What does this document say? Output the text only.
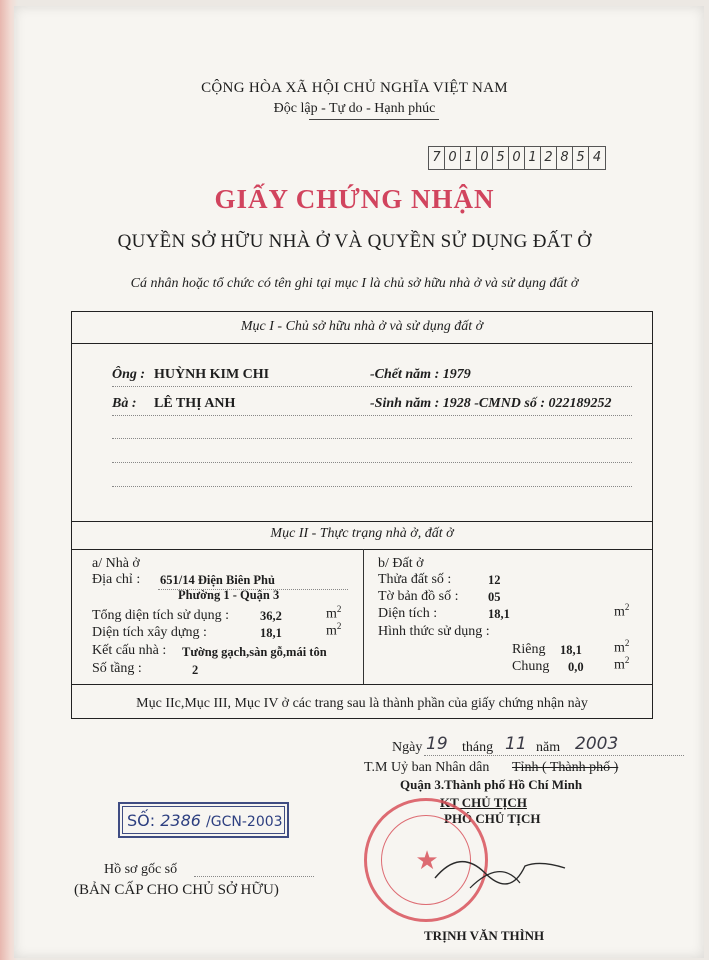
CỘNG HÒA XÃ HỘI CHỦ NGHĨA VIỆT NAM
Độc lập - Tự do - Hạnh phúc
7 0 1 0 5 0 1 2 8 5 4
GIẤY CHỨNG NHẬN
QUYỀN SỞ HỮU NHÀ Ở VÀ QUYỀN SỬ DỤNG ĐẤT Ở
Cá nhân hoặc tổ chức có tên ghi tại mục I là chủ sở hữu nhà ở và sử dụng đất ở
Mục I - Chủ sở hữu nhà ở và sử dụng đất ở
Ông : HUỲNH KIM CHI	-Chết năm : 1979
Bà : LÊ THỊ ANH	-Sinh năm : 1928 -CMND số : 022189252
Mục II - Thực trạng nhà ở, đất ở
a/ Nhà ở
Địa chỉ : 651/14 Điện Biên Phủ
Phường 1 - Quận 3
Tổng diện tích sử dụng : 36,2	$m^2$
Diện tích xây dựng :	18,1	$m^2$
Kết cấu nhà : Tường gạch,sàn gỗ,mái tôn
Số tầng :	2
b/ Đất ở
Thửa đất số :	12
Tờ bản đồ số : 05
Diện tích :	18,1	$m^2$
Hình thức sử dụng :
Riêng 18,1 $m^2$
Chung 0,0 $m^2$
Mục IIc,Mục III, Mục IV ở các trang sau là thành phần của giấy chứng nhận này
Ngày 19 tháng 11 năm 2003
T.M Uỷ ban Nhân dân Tỉnh ( Thành phố )
Quận 3.Thành phố Hồ Chí Minh
KT CHỦ TỊCH
PHÓ CHỦ TỊCH
★
TRỊNH VĂN THÌNH
SỐ: 2386 /GCN-2003
Hồ sơ gốc số
(BẢN CẤP CHO CHỦ SỞ HỮU)
